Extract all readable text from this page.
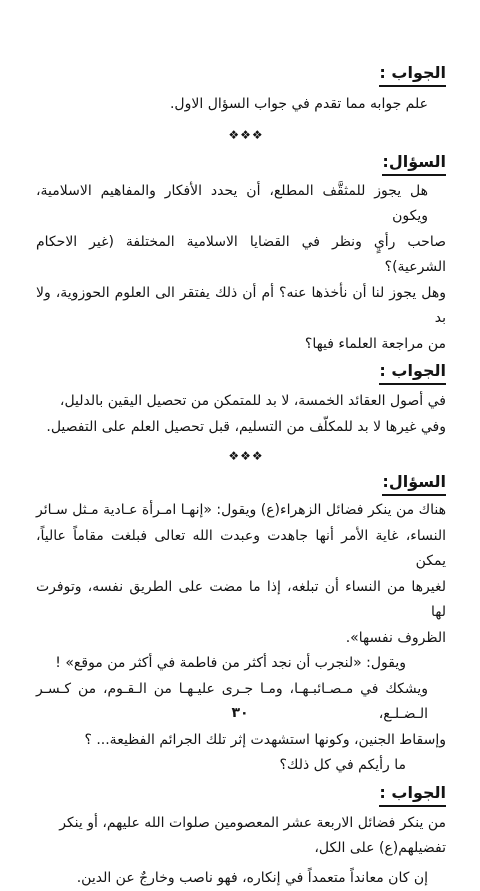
الجواب :
علم جوابه مما تقدم في جواب السؤال الاول.
❖❖❖
السؤال:
هل يجوز للمثقَّف المطلع، أن يحدد الأفكار والمفاهيم الاسلامية، ويكون
صاحب رأيٍ ونظر في القضايا الاسلامية المختلفة (غير الاحكام الشرعية)؟
وهل يجوز لنا أن نأخذها عنه؟ أم أن ذلك يفتقر الى العلوم الحوزوية، ولا بد
من مراجعة العلماء فيها؟
الجواب :
في أصول العقائد الخمسة، لا بد للمتمكن من تحصيل اليقين بالدليل،
وفي غيرها لا بد للمكلّف من التسليم، قبل تحصيل العلم على التفصيل.
❖❖❖
السؤال:
هناك من ينكر فضائل الزهراء(ع) ويقول: «إنهـا امـرأة عـادية مـثل سـائر
النساء، غاية الأمر أنها جاهدت وعبدت الله تعالى فبلغت مقاماً عالياً، يمكن
لغيرها من النساء أن تبلغه، إذا ما مضت على الطريق نفسه، وتوفرت لها
الظروف نفسها».
ويقول: «لنجرب أن نجد أكثر من فاطمة في أكثر من موقع» !
ويشكك في مـصـائبـهـا، ومـا جـرى عليـهـا من الـقـوم، من كـسـر الـضـلـع،
وإسقاط الجنين، وكونها استشهدت إثر تلك الجرائم الفظيعة... ؟
ما رأيكم في كل ذلك؟
الجواب :
من ينكر فضائل الاربعة عشر المعصومين صلوات الله عليهم، أو ينكر
تفضيلهم(ع) على الكل،
إن كان معانداً متعمداً في إنكاره، فهو ناصب وخارجٌ عن الدين.
٣٠
